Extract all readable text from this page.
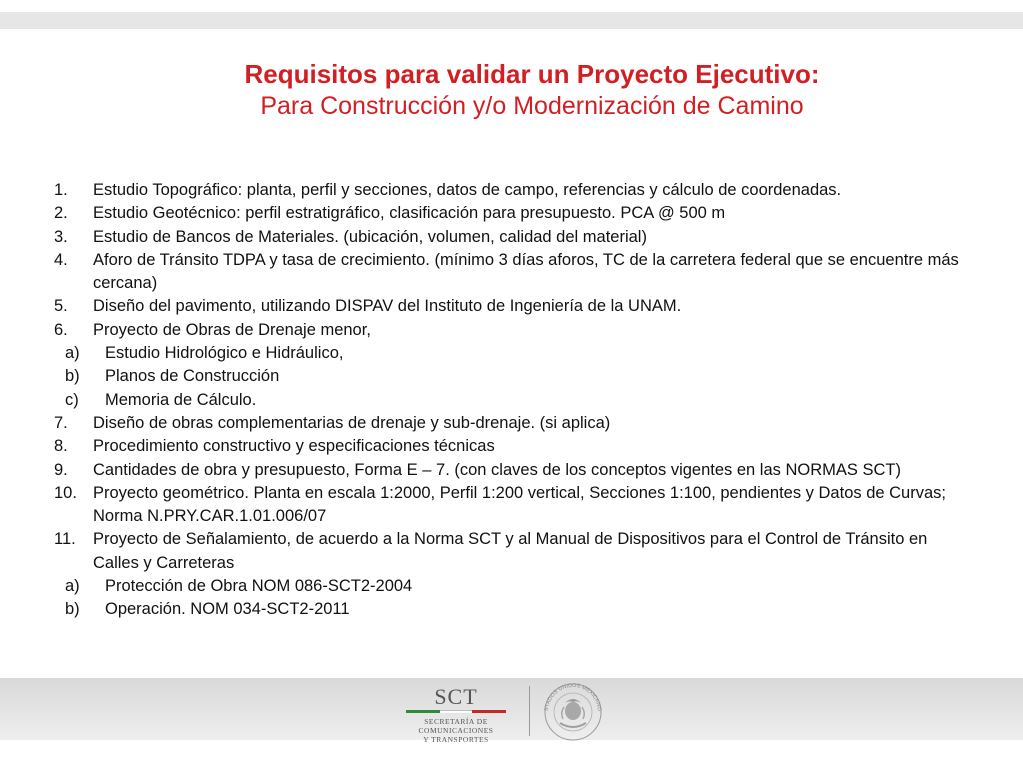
Requisitos para validar un Proyecto Ejecutivo:
Para Construcción y/o Modernización de Camino
1.	Estudio Topográfico: planta, perfil y secciones, datos de campo, referencias y cálculo de coordenadas.
2.	Estudio Geotécnico: perfil estratigráfico, clasificación para presupuesto. PCA @ 500 m
3.	Estudio de Bancos de Materiales. (ubicación, volumen, calidad del material)
4.	Aforo de Tránsito TDPA y tasa de crecimiento. (mínimo 3 días aforos, TC de la carretera federal que se encuentre más cercana)
5.	Diseño del pavimento, utilizando DISPAV del Instituto de Ingeniería de la UNAM.
6.	Proyecto de Obras de Drenaje menor,
a)	Estudio Hidrológico e Hidráulico,
b)	Planos de Construcción
c)	Memoria de Cálculo.
7.	Diseño de obras complementarias de drenaje y sub-drenaje. (si aplica)
8.	Procedimiento constructivo y especificaciones técnicas
9.	Cantidades de obra y presupuesto, Forma E – 7. (con claves de los conceptos vigentes en las NORMAS SCT)
10. Proyecto geométrico. Planta en escala 1:2000, Perfil 1:200 vertical, Secciones 1:100, pendientes y Datos de Curvas; Norma N.PRY.CAR.1.01.006/07
11.	Proyecto de Señalamiento, de acuerdo a la Norma SCT y al Manual de Dispositivos para el Control de Tránsito en Calles y Carreteras
a)	Protección de Obra NOM 086-SCT2-2004
b)	Operación. NOM 034-SCT2-2011
SCT
SECRETARÍA DE
COMUNICACIONES
Y TRANSPORTES
STADOS UNIDOS MEXICANO
